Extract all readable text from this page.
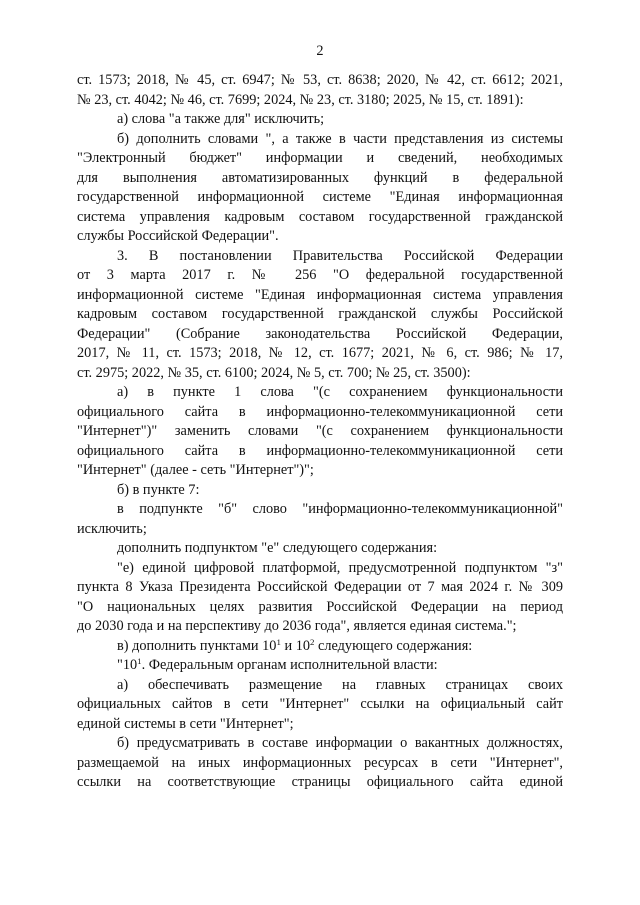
2
ст. 1573; 2018, № 45, ст. 6947; № 53, ст. 8638; 2020, № 42, ст. 6612; 2021,
№ 23, ст. 4042; № 46, ст. 7699; 2024, № 23, ст. 3180; 2025, № 15, ст. 1891):
а) слова "а также для" исключить;
б) дополнить словами ", а также в части представления из системы
"Электронный бюджет" информации и сведений, необходимых
для выполнения автоматизированных функций в федеральной
государственной информационной системе "Единая информационная
система управления кадровым составом государственной гражданской
службы Российской Федерации".
3. В постановлении Правительства Российской Федерации
от 3 марта 2017 г. № 256 "О федеральной государственной
информационной системе "Единая информационная система управления
кадровым составом государственной гражданской службы Российской
Федерации" (Собрание законодательства Российской Федерации,
2017, № 11, ст. 1573; 2018, № 12, ст. 1677; 2021, № 6, ст. 986; № 17,
ст. 2975; 2022, № 35, ст. 6100; 2024, № 5, ст. 700; № 25, ст. 3500):
а) в пункте 1 слова "(с сохранением функциональности
официального сайта в информационно-телекоммуникационной сети
"Интернет")" заменить словами "(с сохранением функциональности
официального сайта в информационно-телекоммуникационной сети
"Интернет" (далее - сеть "Интернет")";
б) в пункте 7:
в подпункте "б" слово "информационно-телекоммуникационной"
исключить;
дополнить подпунктом "е" следующего содержания:
"е) единой цифровой платформой, предусмотренной подпунктом "з"
пункта 8 Указа Президента Российской Федерации от 7 мая 2024 г. № 309
"О национальных целях развития Российской Федерации на период
до 2030 года и на перспективу до 2036 года", является единая система.";
в) дополнить пунктами $10^1$ и $10^2$ следующего содержания:
"$10^1$. Федеральным органам исполнительной власти:
а) обеспечивать размещение на главных страницах своих
официальных сайтов в сети "Интернет" ссылки на официальный сайт
единой системы в сети "Интернет";
б) предусматривать в составе информации о вакантных должностях,
размещаемой на иных информационных ресурсах в сети "Интернет",
ссылки на соответствующие страницы официального сайта единой
